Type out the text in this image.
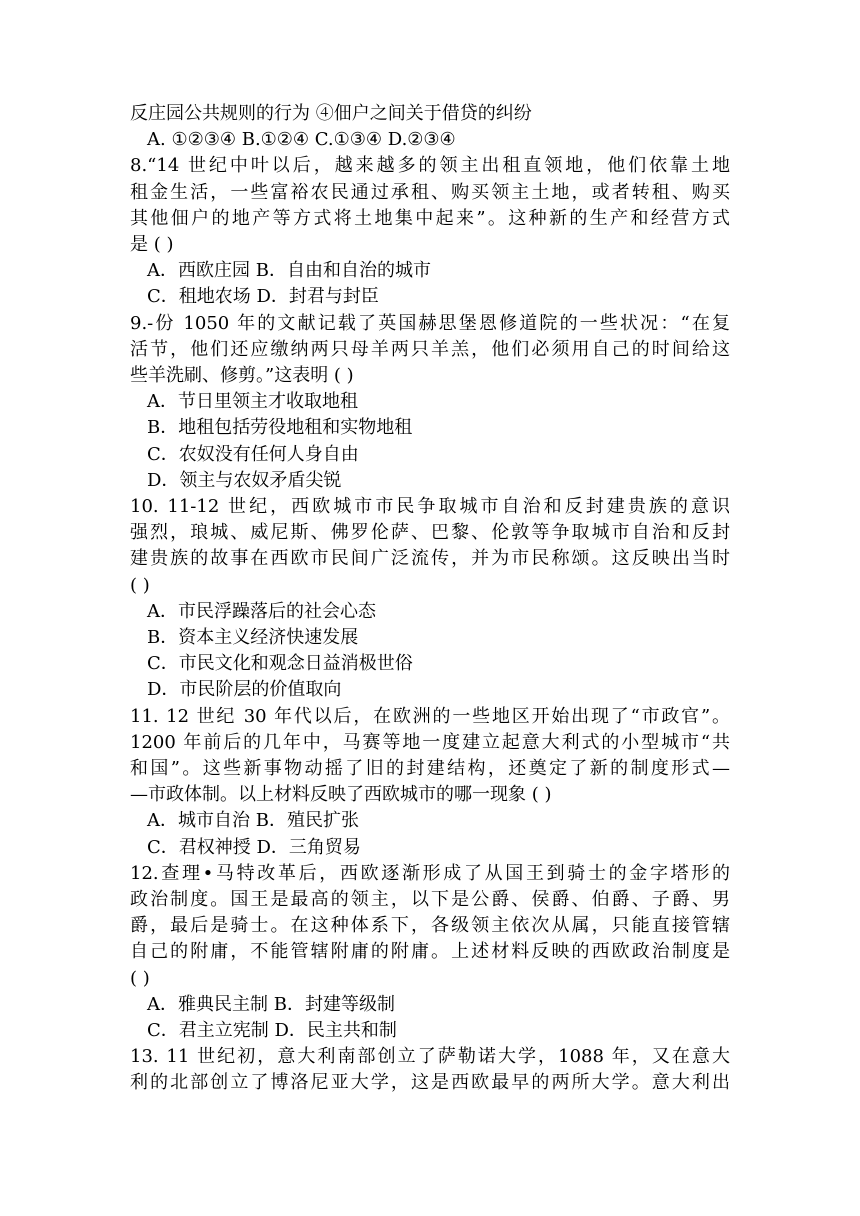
反庄园公共规则的行为 ④佃户之间关于借贷的纠纷
A. ①②③④ B.①②④ C.①③④ D.②③④
8.“14 世纪中叶以后，越来越多的领主出租直领地，他们依靠土地
租金生活，一些富裕农民通过承租、购买领主土地，或者转租、购买
其他佃户的地产等方式将土地集中起来”。这种新的生产和经营方式
是 ( )
A．西欧庄园 B．自由和自治的城市
C．租地农场 D．封君与封臣
9.-份 1050 年的文献记载了英国赫思堡恩修道院的一些状况：“在复
活节，他们还应缴纳两只母羊两只羊羔，他们必须用自己的时间给这
些羊洗刷、修剪。”这表明 ( )
A．节日里领主才收取地租
B．地租包括劳役地租和实物地租
C．农奴没有任何人身自由
D．领主与农奴矛盾尖锐
10. 11-12 世纪，西欧城市市民争取城市自治和反封建贵族的意识
强烈，琅城、威尼斯、佛罗伦萨、巴黎、伦敦等争取城市自治和反封
建贵族的故事在西欧市民间广泛流传，并为市民称颂。这反映出当时
( )
A．市民浮躁落后的社会心态
B．资本主义经济快速发展
C．市民文化和观念日益消极世俗
D．市民阶层的价值取向
11. 12 世纪 30 年代以后，在欧洲的一些地区开始出现了“市政官”。
1200 年前后的几年中，马赛等地一度建立起意大利式的小型城市“共
和国”。这些新事物动摇了旧的封建结构，还奠定了新的制度形式—
—市政体制。以上材料反映了西欧城市的哪一现象 ( )
A．城市自治 B．殖民扩张
C．君权神授 D．三角贸易
12.查理•马特改革后，西欧逐渐形成了从国王到骑士的金字塔形的
政治制度。国王是最高的领主，以下是公爵、侯爵、伯爵、子爵、男
爵，最后是骑士。在这种体系下，各级领主依次从属，只能直接管辖
自己的附庸，不能管辖附庸的附庸。上述材料反映的西欧政治制度是
( )
A．雅典民主制 B．封建等级制
C．君主立宪制 D．民主共和制
13. 11 世纪初，意大利南部创立了萨勒诺大学，1088 年，又在意大
利的北部创立了博洛尼亚大学，这是西欧最早的两所大学。意大利出
